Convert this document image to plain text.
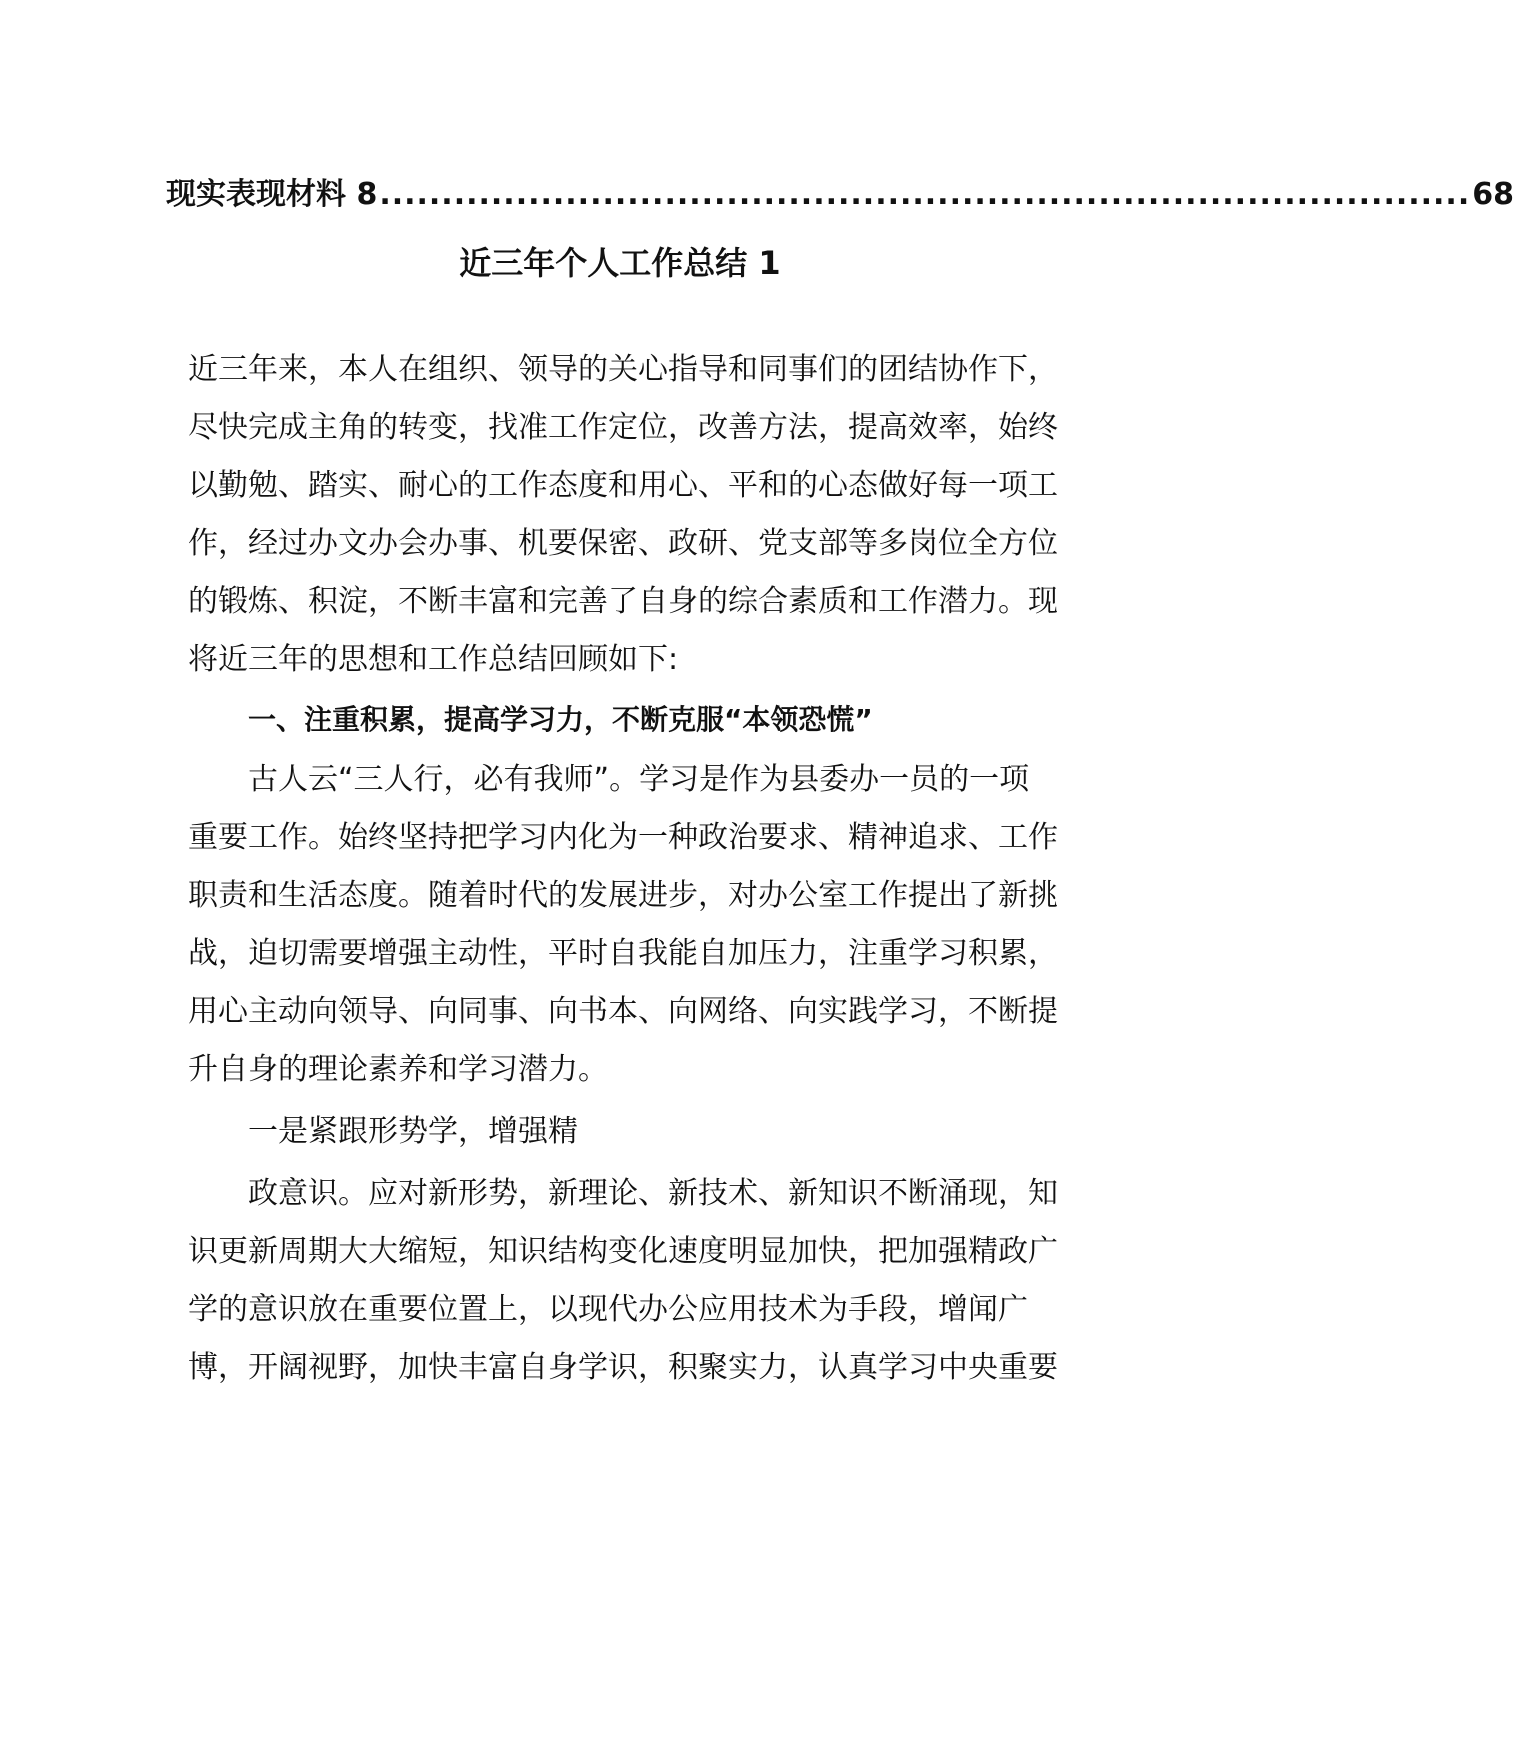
现实表现材料 8 ........................................................................................ 68
近三年个人工作总结 1
近三年来，本人在组织、领导的关心指导和同事们的团结协作下，
尽快完成主角的转变，找准工作定位，改善方法，提高效率，始终
以勤勉、踏实、耐心的工作态度和用心、平和的心态做好每一项工
作，经过办文办会办事、机要保密、政研、党支部等多岗位全方位
的锻炼、积淀，不断丰富和完善了自身的综合素质和工作潜力。现
将近三年的思想和工作总结回顾如下:
一、注重积累，提高学习力，不断克服“本领恐慌”
古人云“三人行，必有我师”。学习是作为县委办一员的一项
重要工作。始终坚持把学习内化为一种政治要求、精神追求、工作
职责和生活态度。随着时代的发展进步，对办公室工作提出了新挑
战，迫切需要增强主动性，平时自我能自加压力，注重学习积累，
用心主动向领导、向同事、向书本、向网络、向实践学习，不断提
升自身的理论素养和学习潜力。
一是紧跟形势学，增强精
政意识。应对新形势，新理论、新技术、新知识不断涌现，知
识更新周期大大缩短，知识结构变化速度明显加快，把加强精政广
学的意识放在重要位置上，以现代办公应用技术为手段，增闻广
博，开阔视野，加快丰富自身学识，积聚实力，认真学习中央重要
